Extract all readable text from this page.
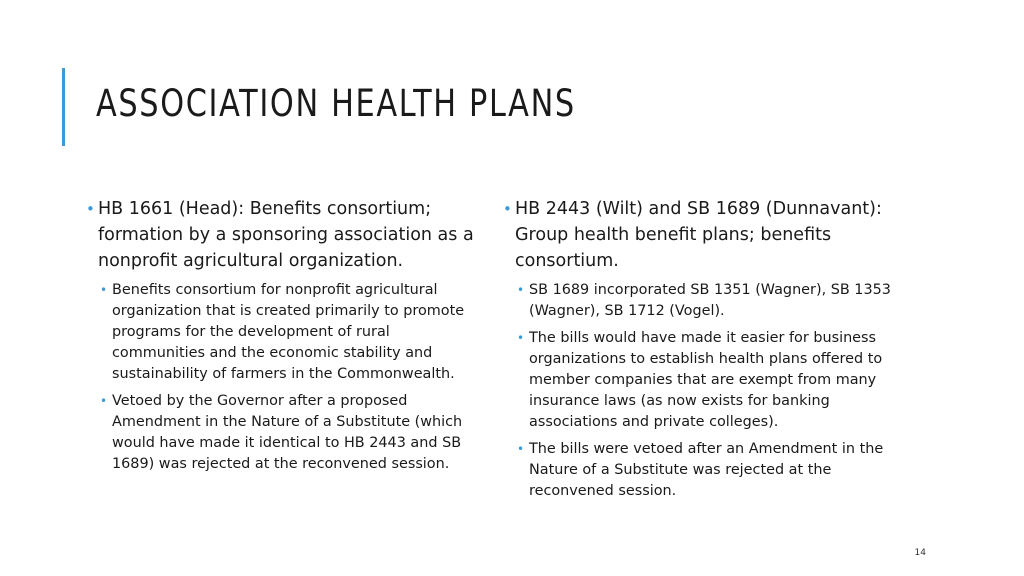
ASSOCIATION HEALTH PLANS
• HB 1661 (Head): Benefits consortium; formation by a sponsoring association as a nonprofit agricultural organization.
• Benefits consortium for nonprofit agricultural organization that is created primarily to promote programs for the development of rural communities and the economic stability and sustainability of farmers in the Commonwealth.
• Vetoed by the Governor after a proposed Amendment in the Nature of a Substitute (which would have made it identical to HB 2443 and SB 1689) was rejected at the reconvened session.
• HB 2443 (Wilt) and SB 1689 (Dunnavant): Group health benefit plans; benefits consortium.
• SB 1689 incorporated SB 1351 (Wagner), SB 1353 (Wagner), SB 1712 (Vogel).
• The bills would have made it easier for business organizations to establish health plans offered to member companies that are exempt from many insurance laws (as now exists for banking associations and private colleges).
• The bills were vetoed after an Amendment in the Nature of a Substitute was rejected at the reconvened session.
14
